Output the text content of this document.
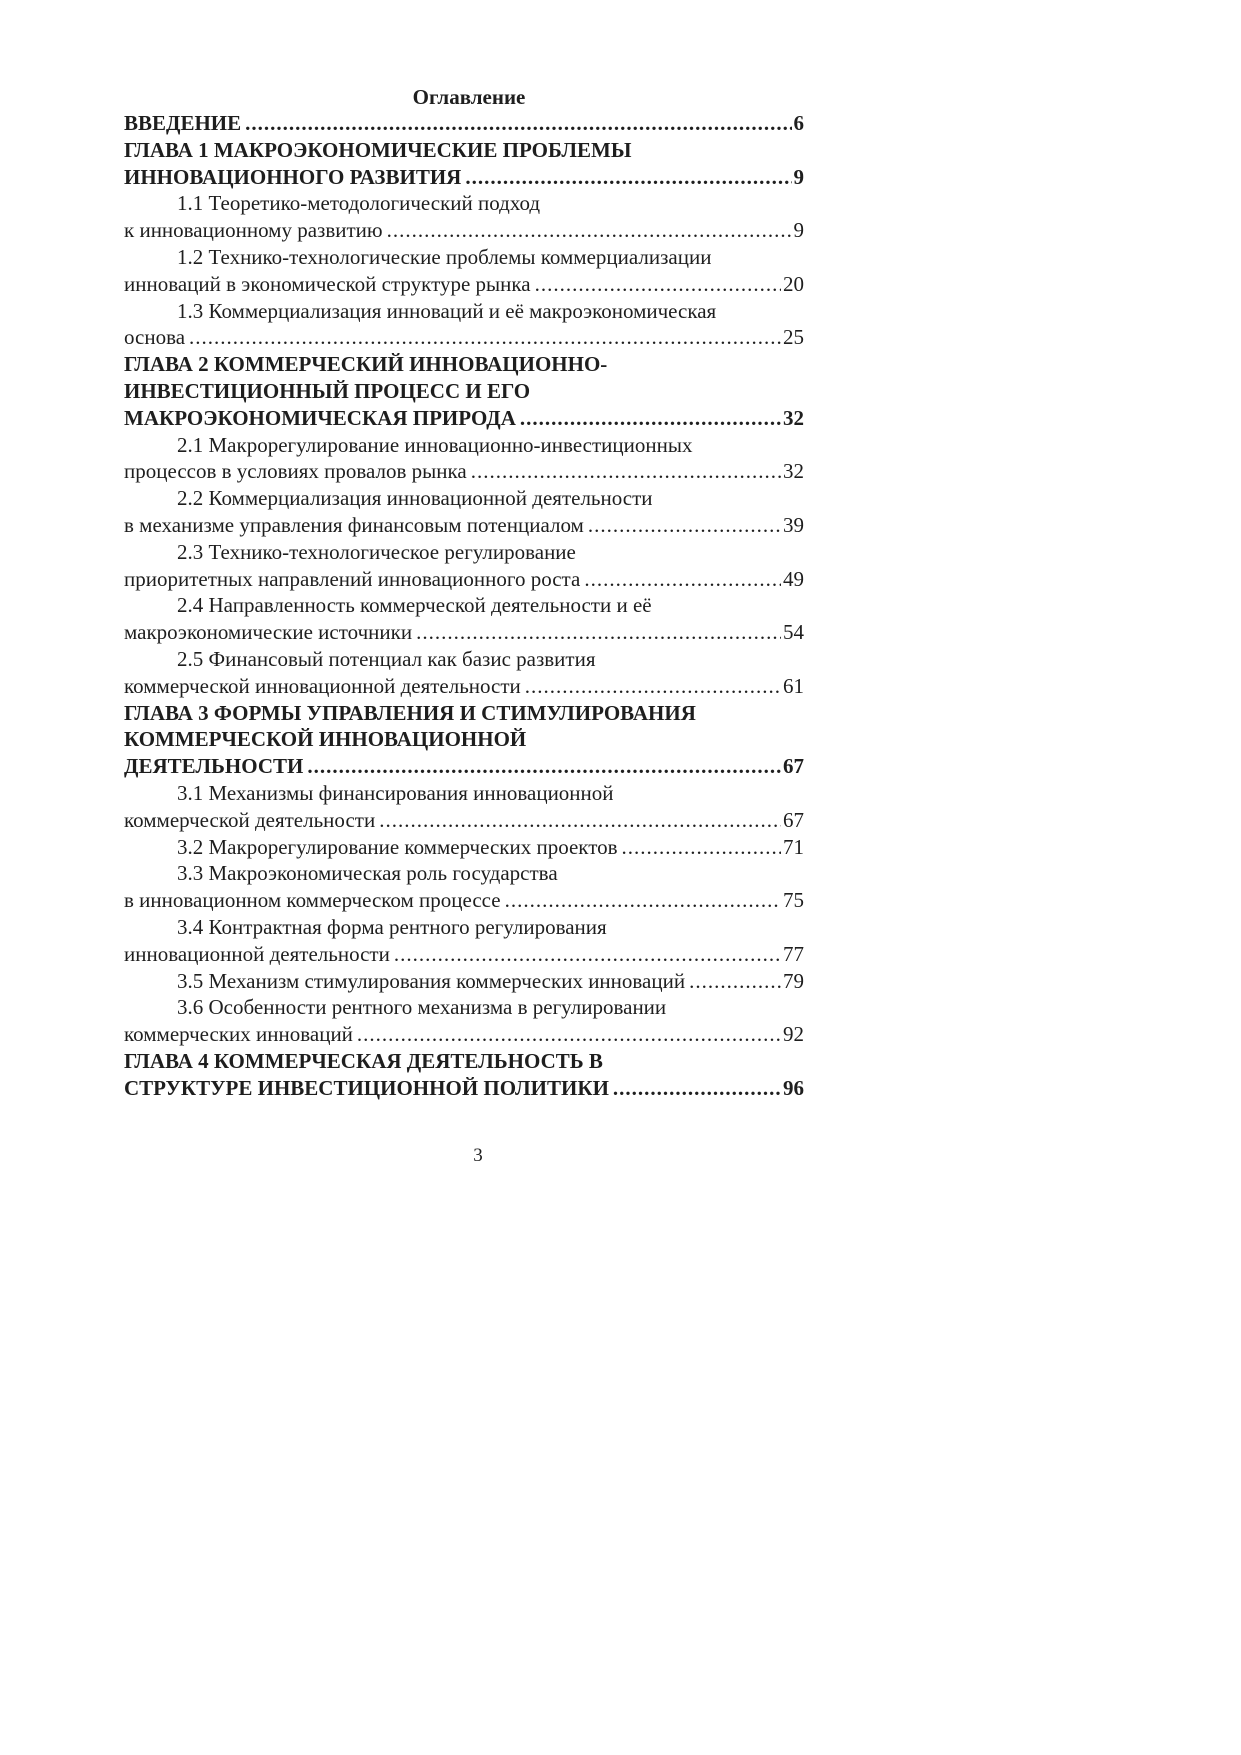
Оглавление
ВВЕДЕНИЕ .....	6
ГЛАВА 1 МАКРОЭКОНОМИЧЕСКИЕ ПРОБЛЕМЫ
ИННОВАЦИОННОГО РАЗВИТИЯ .....	9
1.1 Теоретико-методологический подход
к инновационному развитию .....	9
1.2 Технико-технологические проблемы коммерциализации
инноваций в экономической структуре рынка .....	20
1.3 Коммерциализация инноваций и её макроэкономическая
основа .....	25
ГЛАВА 2 КОММЕРЧЕСКИЙ ИННОВАЦИОННО-
ИНВЕСТИЦИОННЫЙ ПРОЦЕСС И ЕГО
МАКРОЭКОНОМИЧЕСКАЯ ПРИРОДА .....	32
2.1 Макрорегулирование инновационно-инвестиционных
процессов в условиях провалов рынка .....	32
2.2 Коммерциализация инновационной деятельности
в механизме управления финансовым потенциалом .....	39
2.3 Технико-технологическое регулирование
приоритетных направлений инновационного роста .....	49
2.4 Направленность коммерческой деятельности и её
макроэкономические источники .....	54
2.5 Финансовый потенциал как базис развития
коммерческой инновационной деятельности .....	61
ГЛАВА 3 ФОРМЫ УПРАВЛЕНИЯ И СТИМУЛИРОВАНИЯ
КОММЕРЧЕСКОЙ ИННОВАЦИОННОЙ
ДЕЯТЕЛЬНОСТИ .....	67
3.1 Механизмы финансирования инновационной
коммерческой деятельности .....	67
3.2 Макрорегулирование коммерческих проектов .....	71
3.3 Макроэкономическая роль государства
в инновационном коммерческом процессе .....	75
3.4 Контрактная форма рентного регулирования
инновационной деятельности .....	77
3.5 Механизм стимулирования коммерческих инноваций .....	79
3.6 Особенности рентного механизма в регулировании
коммерческих инноваций .....	92
ГЛАВА 4 КОММЕРЧЕСКАЯ ДЕЯТЕЛЬНОСТЬ В
СТРУКТУРЕ ИНВЕСТИЦИОННОЙ ПОЛИТИКИ .....	96
3
